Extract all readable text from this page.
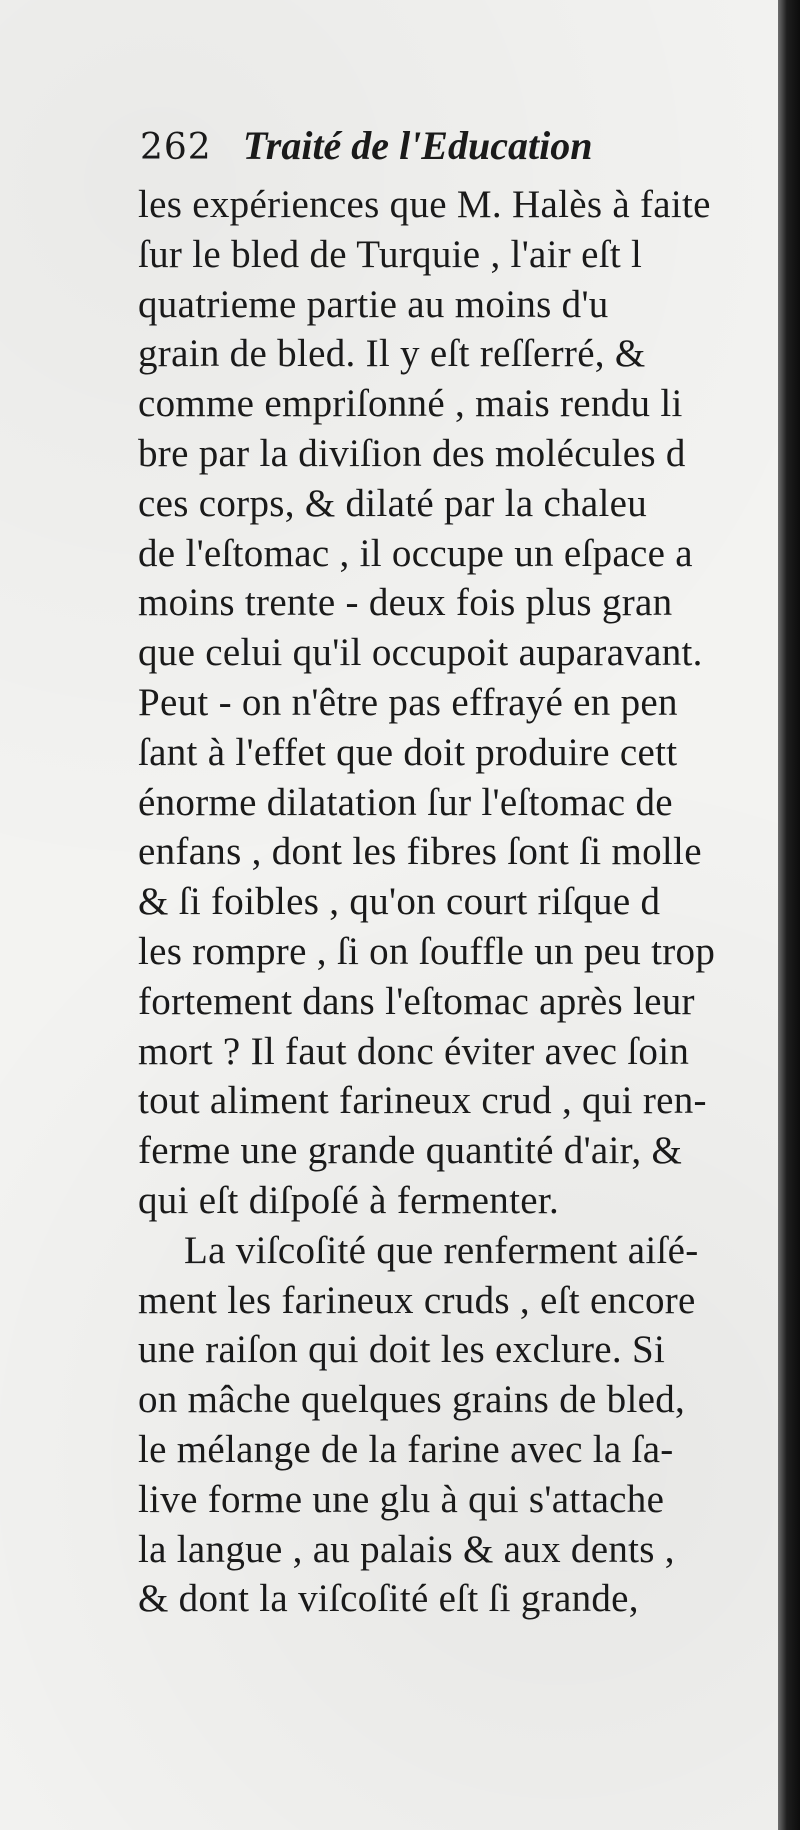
262 Traité de l'Education
les expériences que M. Halès à faite
ſur le bled de Turquie , l'air eſt l
quatrieme partie au moins d'u
grain de bled. Il y eſt reſſerré, &
comme empriſonné , mais rendu li
bre par la diviſion des molécules d
ces corps, & dilaté par la chaleu
de l'eſtomac , il occupe un eſpace a
moins trente - deux fois plus gran
que celui qu'il occupoit auparavant.
Peut - on n'être pas effrayé en pen
ſant à l'effet que doit produire cett
énorme dilatation ſur l'eſtomac de
enfans , dont les fibres ſont ſi molle
& ſi foibles , qu'on court riſque d
les rompre , ſi on ſouffle un peu trop
fortement dans l'eſtomac après leur
mort ? Il faut donc éviter avec ſoin
tout aliment farineux crud , qui ren-
ferme une grande quantité d'air, &
qui eſt diſpoſé à fermenter.
La viſcoſité que renferment aiſé-
ment les farineux cruds , eſt encore
une raiſon qui doit les exclure. Si
on mâche quelques grains de bled,
le mélange de la farine avec la ſa-
live forme une glu à qui s'attache
la langue , au palais & aux dents ,
& dont la viſcoſité eſt ſi grande,
